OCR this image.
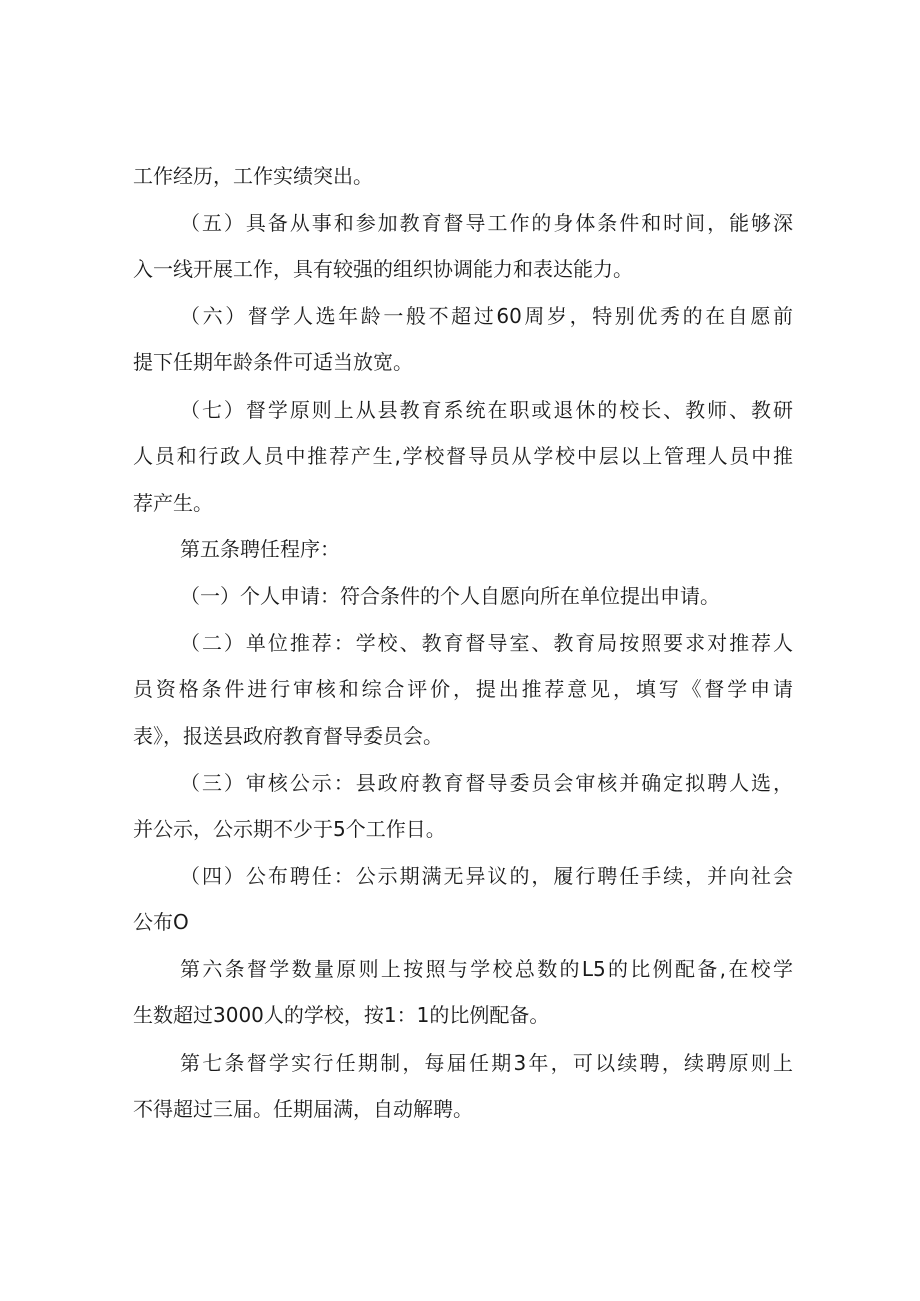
工作经历，工作实绩突出。
（五）具备从事和参加教育督导工作的身体条件和时间，能够深
入一线开展工作，具有较强的组织协调能力和表达能力。
（六）督学人选年龄一般不超过60周岁，特别优秀的在自愿前
提下任期年龄条件可适当放宽。
（七）督学原则上从县教育系统在职或退休的校长、教师、教研
人员和行政人员中推荐产生,学校督导员从学校中层以上管理人员中推
荐产生。
第五条聘任程序：
（一）个人申请：符合条件的个人自愿向所在单位提出申请。
（二）单位推荐：学校、教育督导室、教育局按照要求对推荐人
员资格条件进行审核和综合评价，提出推荐意见，填写《督学申请
表》，报送县政府教育督导委员会。
（三）审核公示：县政府教育督导委员会审核并确定拟聘人选，
并公示，公示期不少于5个工作日。
（四）公布聘任：公示期满无异议的，履行聘任手续，并向社会
公布O
第六条督学数量原则上按照与学校总数的L5的比例配备,在校学
生数超过3000人的学校，按1：1的比例配备。
第七条督学实行任期制，每届任期3年，可以续聘，续聘原则上
不得超过三届。任期届满，自动解聘。
